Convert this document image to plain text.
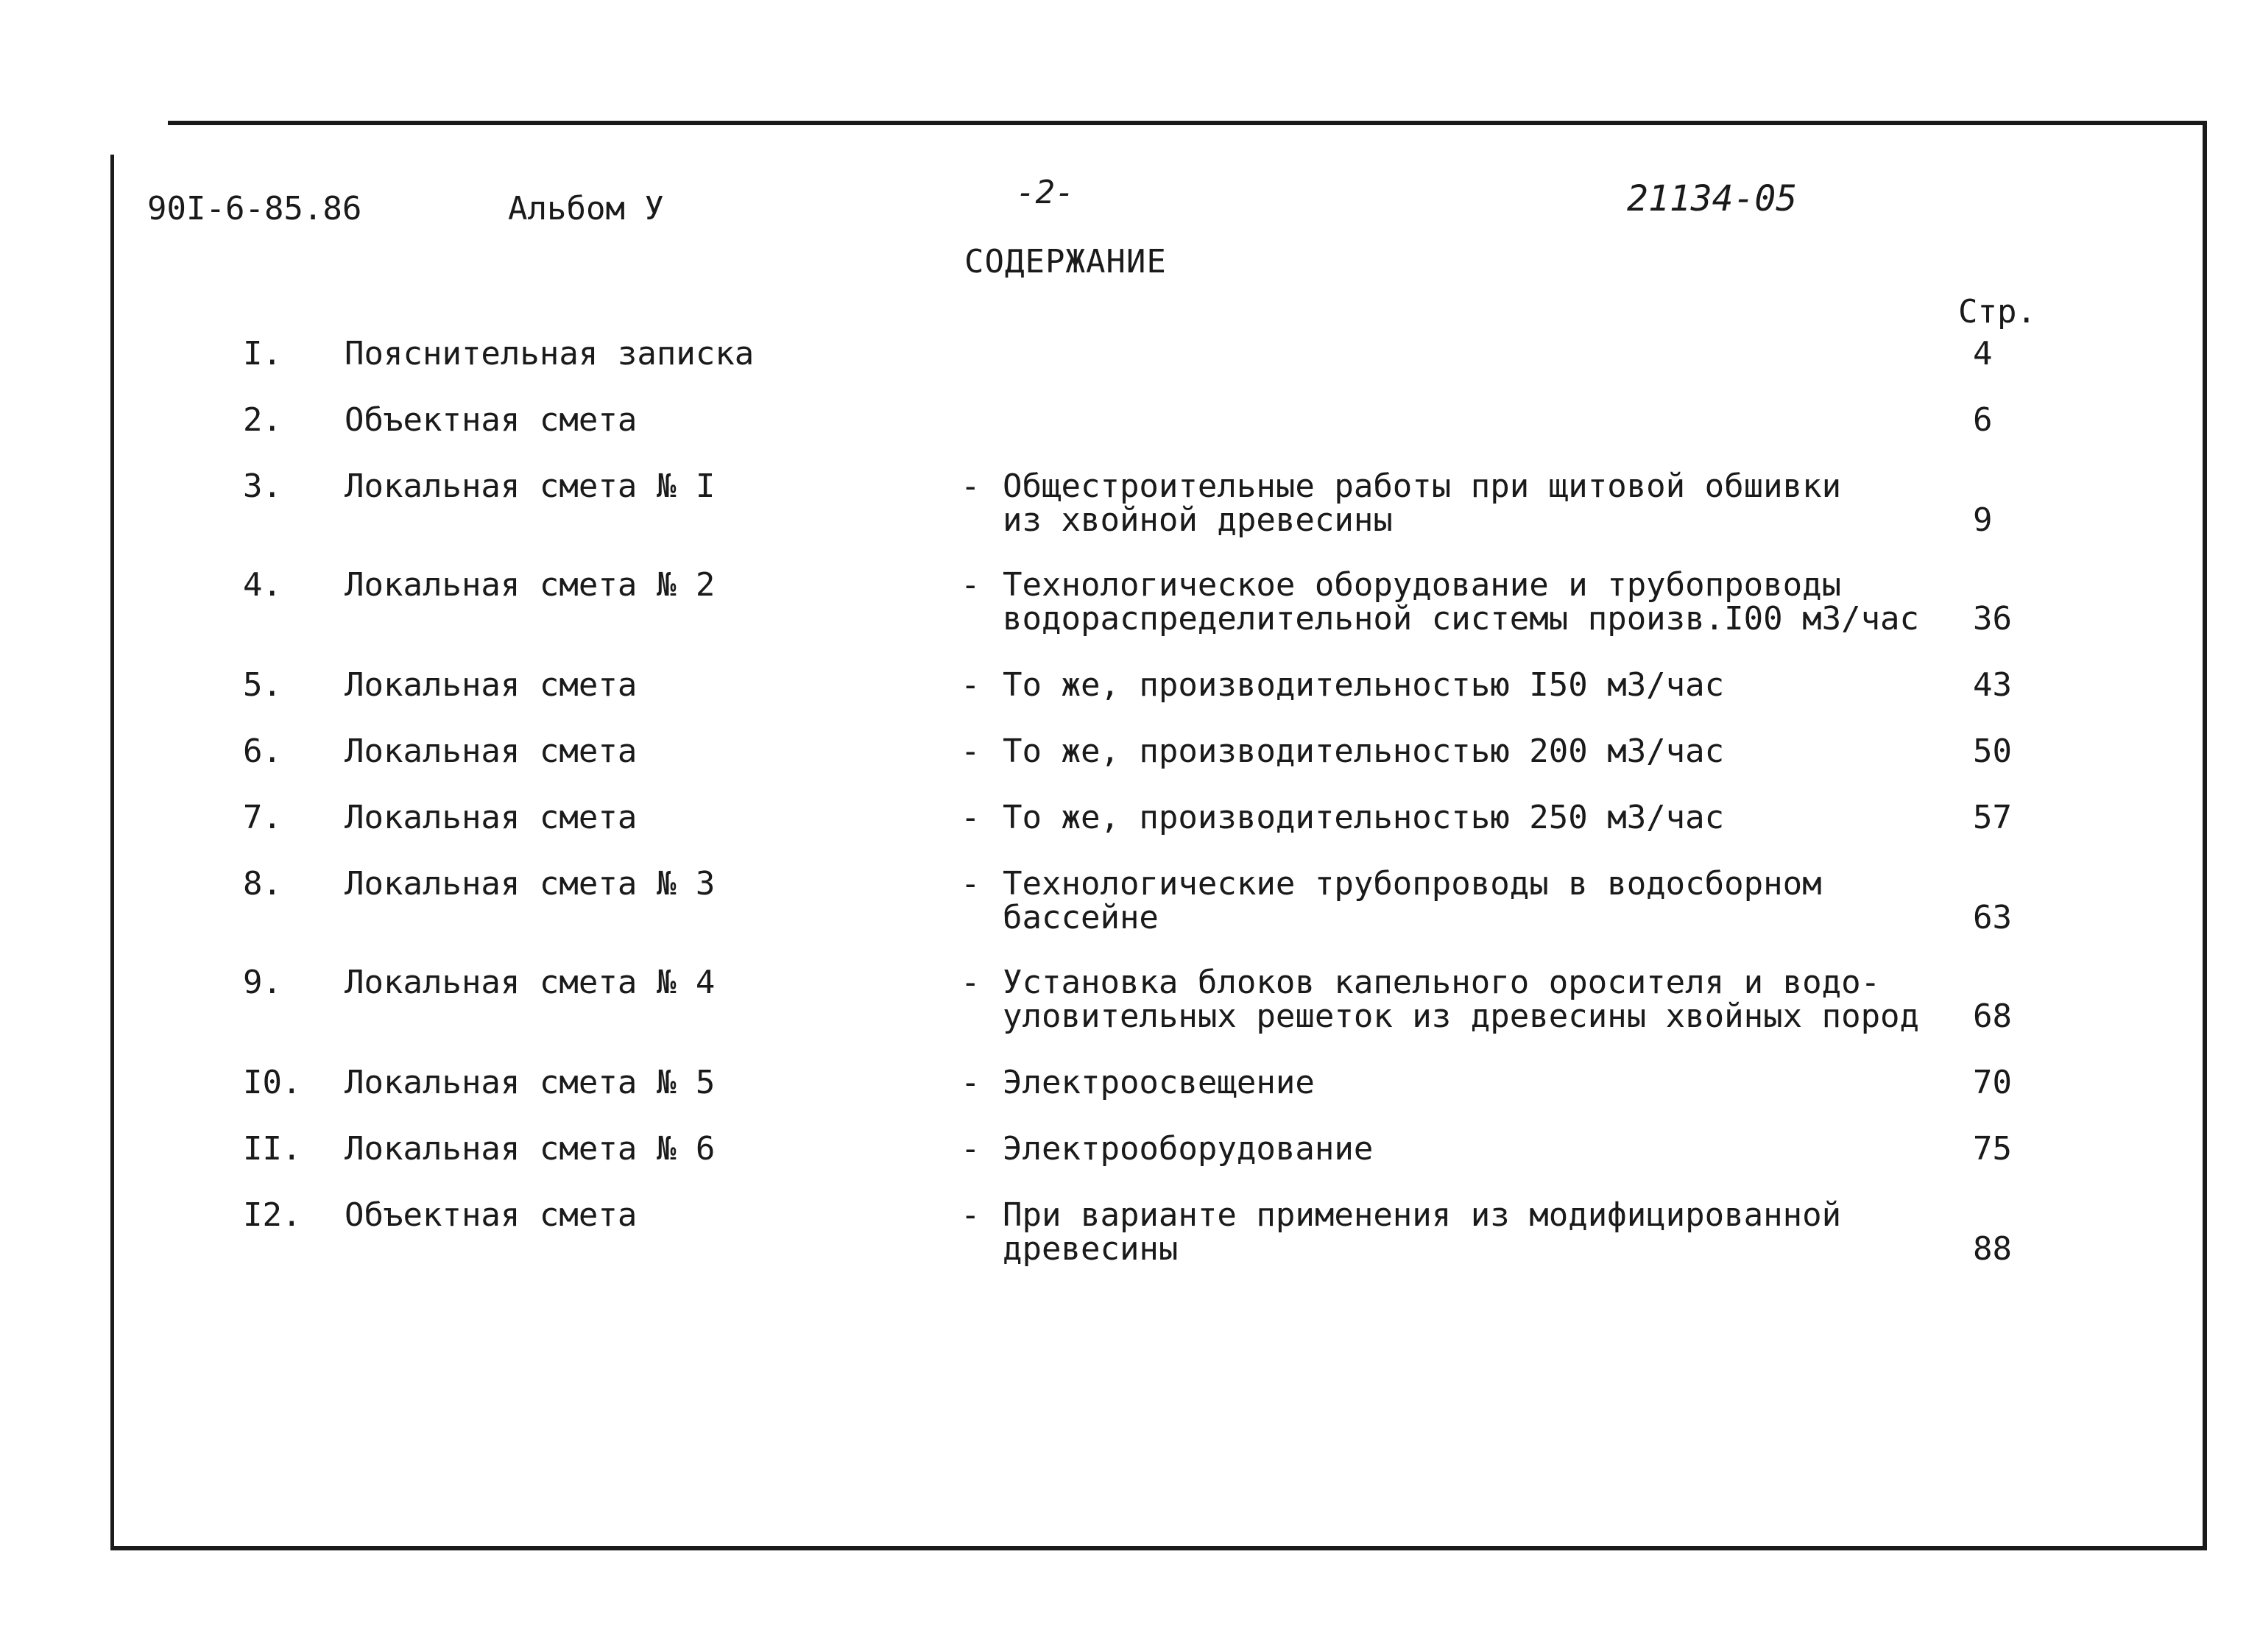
90I-6-85.86	Альбом У	-2-	21134-05
СОДЕРЖАНИЕ
Стр.
I. Пояснительная записка	4
2. Объектная смета	6
3. Локальная смета № I	- Общестроительные работы при щитовой обшивки
из хвойной древесины	9
4. Локальная смета № 2	- Технологическое оборудование и трубопроводы
водораспределительной системы произв.I00 м3/час	36
5. Локальная смета	- То же, производительностью I50 м3/час	43
6. Локальная смета	- То же, производительностью 200 м3/час	50
7. Локальная смета	- То же, производительностью 250 м3/час	57
8. Локальная смета № 3	- Технологические трубопроводы в водосборном
бассейне	63
9. Локальная смета № 4	- Установка блоков капельного оросителя и водо-
уловительных решеток из древесины хвойных пород	68
I0. Локальная смета № 5	- Электроосвещение	70
II. Локальная смета № 6	- Электрооборудование	75
I2. Объектная смета	- При варианте применения из модифицированной
древесины	88
